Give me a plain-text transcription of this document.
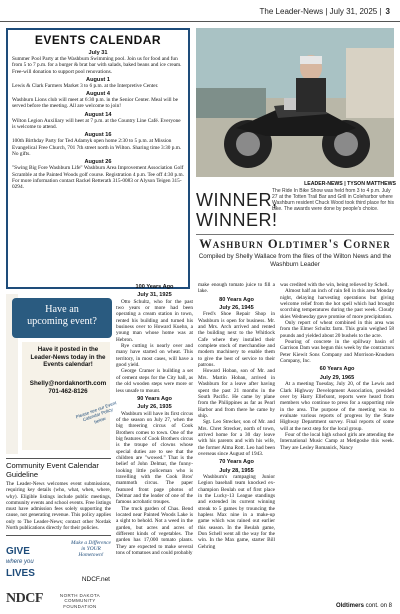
The Leader-News | July 31, 2025 | 3
EVENTS CALENDAR
July 31
Summer Pool Party at the Washburn Swimming pool. Join us for food and fun from 5 to 7 p.m. for a burger & brat bar with salads, baked beans and ice cream. Free-will donation to support pool renovations.
August 1
Lewis & Clark Farmers Market 3 to 6 p.m. at the Interpretive Center.
August 4
Washburn Lions club will meet at 6:30 p.m. in the Senior Center. Meal will be served before the meeting. All are welcome to join!
August 14
Wilton Legion Auxiliary will heet at 7 p.m. at the Country Line Café. Everyone is welcome to attend.
August 16
100th Birthday Party for Ted Adamyk open home 2:30 to 5 p.m. at Mission Evangelical Free Church, 701 7th street north in Wilton. Sharing time 3:30 p.m. No gifts.
August 26
"Swing Big Fore Washburn Life" Washburn Area Improvement Association Golf Scramble at the Painted Woods golf course. Registration 4 p.m. Tee off 4:30 p.m. For more information contact Rackel Retterath 315-0083 or Alyson Teigen 315-0294.
LEADER-NEWS | TYSON MATTHEWS
WINNER,
WINNER!
The Ride In Bike Show was held from 3 to 4 p.m. July 27 at the Totten Trail Bar and Grill in Coleharbor where Washburn resident Chuck Wood took third place for his bike. The awards were done by people's choice.
Washburn Oldtimer's Corner
Compiled by Shelly Wallace from the files of the Wilton News and the Washburn Leader
100 Years Ago
July 31, 1925

Otto Schultz, who for the past two years or more had been operating a cream station in town, rented his building and turned his business over to Howard Kuehn, a young man whose home was at Hebron.

Rye cutting is nearly over and many have started on wheat. This territory, in most cases, will have a good yield.

George Cramer is building a set of cement steps for the City hall, as the old wooden steps were more or less unsafe to mount.

90 Years Ago
July 26, 1935

Washburn will have its first circus of the season on July 27, when the big threering circus of Cook Brothers comes to town. One of the big features of Cook Brothers circus is the troupe of clowns whose special duties are to see that the children are "wowed." That is the belief of John Delmar, the funny-looking little policeman who is travelling with the Cook Bros' mammoth circus. The paper featured front page photos of Delmar and the leader of one of the famous acrobatic troupes.

The truck garden of Chas. Bend located near Painted Woods Lake is a sight to behold. Not a weed in the garden, but acres and acres of different kinds of vegetables. The garden has 17,000 tomato plants. They are expected to make several tons of tomatoes and could probably

make enough tomato juice to fill a lake.

80 Years Ago
July 26, 1945

Fred's Shoe Repair Shop in Washburn is open for business. Mr. and Mrs. Arch arrived and rented the building next to the Whitlock Cafe where they installed their complete stock of merchandise and modern machinery to enable them to give the best of service to their patrons.

Howard Hoban, son of Mr. and Mrs. Martin Hoban, arrived in Washburn for a leave after having spent the past 21 months in the South Pacific. He came by plane from the Philippines as far as Pearl Harbor and from there he came by ship.

Sgt. Leo Strecker, son of Mr. and Mrs. Chret Strecker, north of town, arrived home for a 30 day leave with his parents and with his wife, the former Alma Rott. Leo had been overseas since August of 1943.

70 Years Ago
July 28, 1955

Washburn's rampaging Junior Legion baseball team knocked ex-champion Beulah out of first place in the Lucky-13 League standings and extended its current winning streak to 5 games by trouncing the hapless Max nine in a make-up game which was rained out earlier this season. In the Beulah game, Don Schell went all the way for the win. In the Max game, starter Bill Gehring

was credited with the win, being relieved by Schell.

Almost half an inch of rain fell in this area Monday night, delaying harvesting operations but giving welcome relief from the hot spell which had brought scorching temperatures during the past week. Cloudy skies Wednesday gave promise of more precipitation.

Only report of wheat combined in this area was from the Elmer Schultz farm. This grain weighed 58 pounds and yielded about 20 bushels to the acre.

Pouring of concrete in the spillway basin of Garrison Dam was begun this week by the contractors Peter Kiewit Sons Company and Morrison-Knudsen Company, Inc.

60 Years Ago
July 29, 1965

At a meeting Tuesday, July 20, of the Lewis and Clark Highway Development Association, presided over by Harry Ellefsont, reports were heard from members who continue to press for a supporting role in the area. The purpose of the meeting was to evaluate various reports of progress by the State Highway Department survey. Final reports of some will at the next step for the local group.

Four of the local high school girls are attending the International Music Camp at Metigoshe this week. They are Lesley Romanick, Nancy

Oldtimers cont. on 8
Have an
upcoming event?
Have it posted in the Leader-News today in the Events calendar!
Shelly@nordaknorth.com
701-462-8126
Please see our Event Calendar Policy below
Community Event Calendar Guideline

The Leader-News welcomes event submissions, requiring key details (who, what, when, where, why). Eligible listings include public meetings, community events and school events. Free listings must have admission fees solely supporting the cause, not generating revenue. This policy applies only to The Leader-News; contact other Nordak North publications directly for their policies.

GIVE
where you
LIVES
Make a Difference in YOUR Hometown!
NDCF.net
NDCF	NORTH DAKOTA COMMUNITY FOUNDATION
